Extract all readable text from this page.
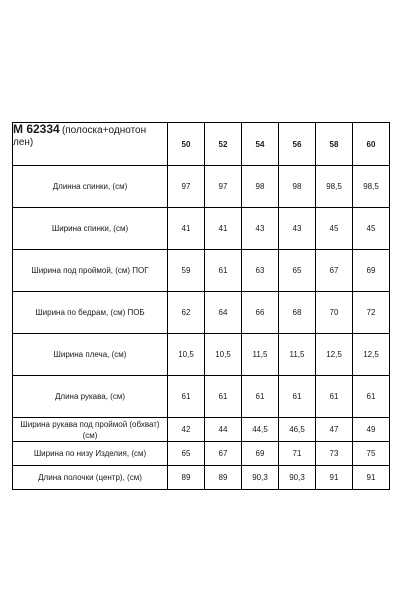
М 62334 (полоска+однотон лен)	50	52	54	56	58	60
Длинна спинки, (см)	97	97	98	98	98,5	98,5
Ширина спинки, (см)	41	41	43	43	45	45
Ширина под проймой, (см) ПОГ	59	61	63	65	67	69
Ширина по бедрам, (см) ПОБ	62	64	66	68	70	72
Ширина плеча, (см)	10,5	10,5	11,5	11,5	12,5	12,5
Длина рукава, (см)	61	61	61	61	61	61
Ширина рукава под проймой (обхват) (см)	42	44	44,5	46,5	47	49
Ширина по низу Изделия, (см)	65	67	69	71	73	75
Длина полочки (центр), (см)	89	89	90,3	90,3	91	91
